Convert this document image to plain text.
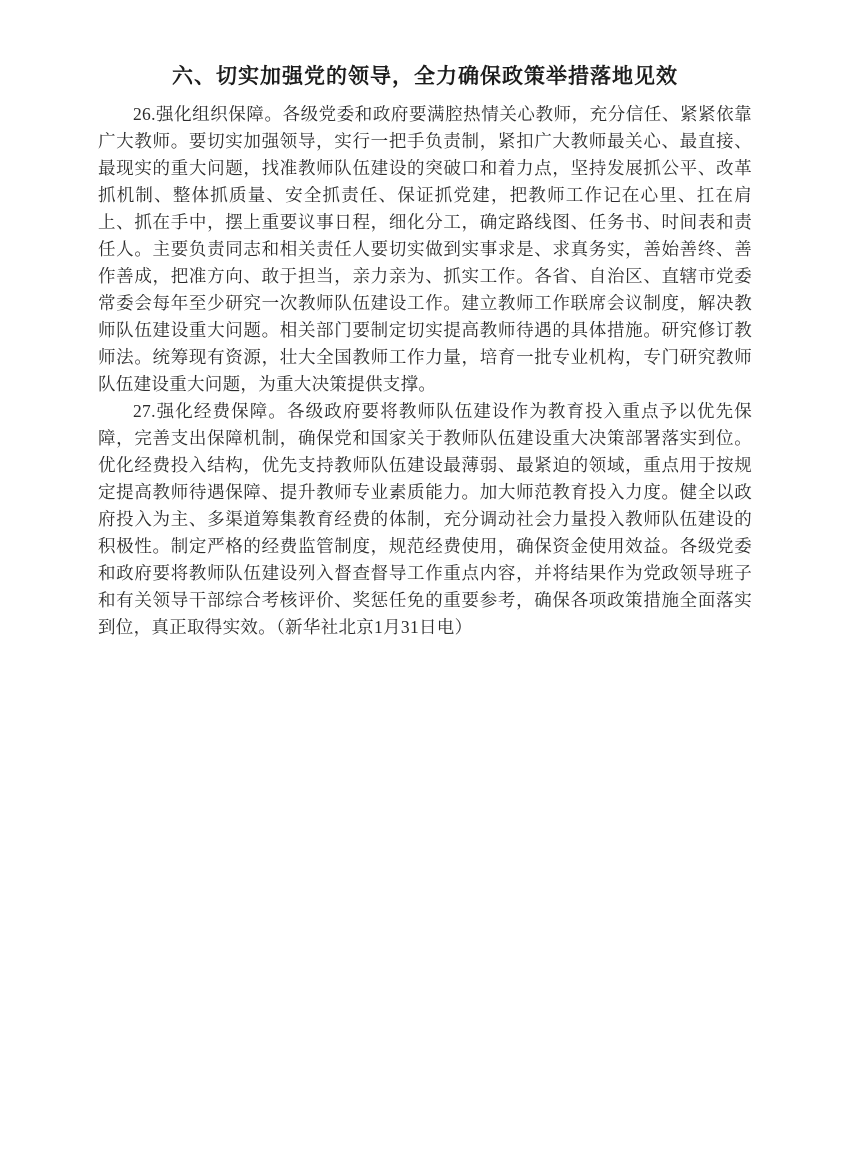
六、切实加强党的领导，全力确保政策举措落地见效

26.强化组织保障。各级党委和政府要满腔热情关心教师，充分信任、紧紧依靠广大教师。要切实加强领导，实行一把手负责制，紧扣广大教师最关心、最直接、最现实的重大问题，找准教师队伍建设的突破口和着力点，坚持发展抓公平、改革抓机制、整体抓质量、安全抓责任、保证抓党建，把教师工作记在心里、扛在肩上、抓在手中，摆上重要议事日程，细化分工，确定路线图、任务书、时间表和责任人。主要负责同志和相关责任人要切实做到实事求是、求真务实，善始善终、善作善成，把准方向、敢于担当，亲力亲为、抓实工作。各省、自治区、直辖市党委常委会每年至少研究一次教师队伍建设工作。建立教师工作联席会议制度，解决教师队伍建设重大问题。相关部门要制定切实提高教师待遇的具体措施。研究修订教师法。统筹现有资源，壮大全国教师工作力量，培育一批专业机构，专门研究教师队伍建设重大问题，为重大决策提供支撑。

27.强化经费保障。各级政府要将教师队伍建设作为教育投入重点予以优先保障，完善支出保障机制，确保党和国家关于教师队伍建设重大决策部署落实到位。优化经费投入结构，优先支持教师队伍建设最薄弱、最紧迫的领域，重点用于按规定提高教师待遇保障、提升教师专业素质能力。加大师范教育投入力度。健全以政府投入为主、多渠道筹集教育经费的体制，充分调动社会力量投入教师队伍建设的积极性。制定严格的经费监管制度，规范经费使用，确保资金使用效益。各级党委和政府要将教师队伍建设列入督查督导工作重点内容，并将结果作为党政领导班子和有关领导干部综合考核评价、奖惩任免的重要参考，确保各项政策措施全面落实到位，真正取得实效。（新华社北京1月31日电）
